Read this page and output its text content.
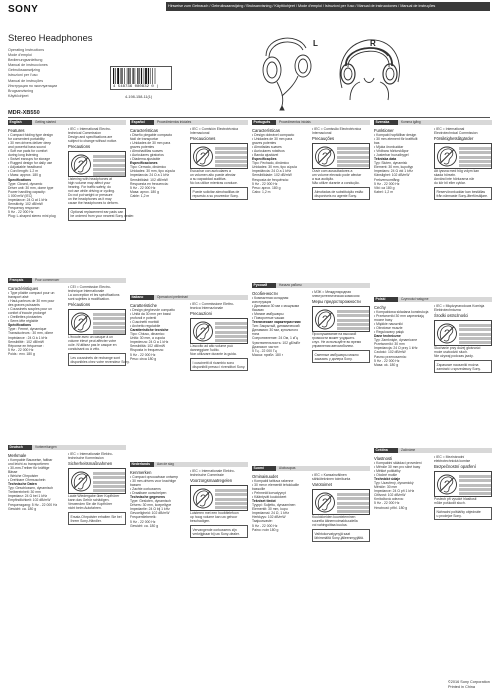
SONY	Hinweise zum Gebrauch / Gebruiksaanwijzing / Bruksanvisning / Käyttöohjeet / Mode d'emploi / Istruzioni per l'uso / Manual de instrucciones / Manual de instruções
Stereo Headphones
Operating Instructions
Mode d'emploi
Bedienungsanleitung
Manual de instrucciones
Gebruiksaanwijzing
Istruzioni per l'uso
Manual de instruções
Инструкция по эксплуатации
Brugsanvisning
Käyttöohjeet
4 548736 080832 0 |
4-198-158-11(1)
MDR-XB550
L	R
English	Getting started
Features
• Compact folding type design
for convenient portability
• 30 mm drivers deliver deep
and powerful bass sound
• Soft ear pads for comfort
during long listening
• Swivel earcups for storage
• Rugged design for daily use
• Adjustable headband
• Cord length: 1.2 m
• Mass: approx. 180 g
Specifications
Type: Closed, dynamic
Driver unit: 30 mm, dome type
Power handling capacity:
1 000 mW (IEC)
Impedance: 24 Ω at 1 kHz
Sensitivity: 102 dB/mW
Frequency response:
5 Hz - 22 000 Hz
Plug: L-shaped stereo mini plug
• IEC = International Electro-
technical Commission
Design and specifications are
subject to change without notice.
Precautions
Listening with headphones at
high volume may affect your
hearing. For traffic safety, do
not use while driving or cycling.
Do not put weight or pressure
on the headphones as it may
cause the headphones to deform.
Optional replacement ear pads can
be ordered from your nearest Sony dealer.
Français	Pour commencer
Caractéristiques
• Type pliable compact pour un
transport aisé
• Haut-parleurs de 30 mm pour
des graves puissants
• Coussinets souples pour un
confort d'écoute prolongé
• Oreillettes pivotantes
• Serre-tête réglable
Spécifications
Type : Fermé, dynamique
Transducteurs : 30 mm, dôme
Impédance : 24 Ω à 1 kHz
Sensibilité : 102 dB/mW
Réponse en fréquence :
5 Hz - 22 000 Hz
Poids : env. 180 g
• CEI = Commission Electro-
technique Internationale
La conception et les spécifications
sont sujettes à modification.
Précautions
L'écoute avec un casque à un
volume élevé peut affecter votre
ouïe. N'utilisez pas le casque en
conduisant ou à vélo.
Les coussinets de rechange sont
disponibles chez votre revendeur Sony.
Deutsch	Vorbereitungen
Merkmale
• Kompakte Bauweise, faltbar
und leicht zu transportieren
• 30-mm-Treiber für kräftige
Bässe
• Weiche Ohrpolster
• Drehbare Ohrmuscheln
Technische Daten
Typ: Geschlossen, dynamisch
Treibereinheit: 30 mm
Impedanz: 24 Ω bei 1 kHz
Empfindlichkeit: 102 dB/mW
Frequenzgang: 5 Hz - 22 000 Hz
Gewicht: ca. 180 g
• IEC = Internationale Elektro-
technische Kommission
Sicherheitsmaßnahmen
Laute Wiedergabe über Kopfhörer
kann das Gehör schädigen.
Verwenden Sie die Kopfhörer
nicht beim Autofahren.
Ersatz-Ohrpolster erhalten Sie bei
Ihrem Sony-Händler.
Español	Procedimientos iniciales
Características
• Diseño plegable compacto
fácil de transportar
• Unidades de 30 mm para
graves potentes
• Almohadillas suaves
• Auriculares giratorios
• Diadema ajustable
Especificaciones
Tipo: Cerrado, dinámico
Unidades: 30 mm, tipo cúpula
Impedancia: 24 Ω a 1 kHz
Sensibilidad: 102 dB/mW
Respuesta en frecuencia:
5 Hz - 22 000 Hz
Masa: aprox. 180 g
Cable: 1,2 m
• IEC = Comisión Electrotécnica
Internacional
Precauciones
Escuchar con auriculares a
un volumen alto puede afectar
a su capacidad auditiva.
No los utilice mientras conduce.
Puede solicitar almohadillas de
repuesto a su proveedor Sony.
Italiano	Operazioni preliminari
Caratteristiche
• Design pieghevole compatto
• Unità da 30 mm per bassi
profondi e potenti
• Cuscinetti morbidi
• Archetto regolabile
Caratteristiche tecniche
Tipo: Chiuso, dinamico
Unità: 30 mm, a cupola
Impedenza: 24 Ω a 1 kHz
Sensibilità: 102 dB/mW
Risposta in frequenza:
5 Hz - 22 000 Hz
Peso: circa 180 g
• IEC = Commissione Elettro-
tecnica Internazionale
Precauzioni
L'ascolto ad alto volume può
danneggiare l'udito.
Non utilizzare durante la guida.
I cuscinetti di ricambio sono
disponibili presso i rivenditori Sony.
Nederlands	Aan de slag
Kenmerken
• Compact opvouwbaar ontwerp
• 30 mm-drivers voor krachtige
bassen
• Zachte oorkussens
• Draaibare oorschelpen
Technische gegevens
Type: Gesloten, dynamisch
Drivers: 30 mm, koepeltype
Impedantie: 24 Ω bij 1 kHz
Gevoeligheid: 102 dB/mW
Frequentiebereik:
5 Hz - 22 000 Hz
Gewicht: ca. 180 g
• IEC = Internationale Elektro-
technische Commissie
Voorzorgsmaatregelen
Luisteren met een hoofdtelefoon
op hoog volume kan uw gehoor
beschadigen.
Vervangende oorkussens zijn
verkrijgbaar bij uw Sony-dealer.
Português	Procedimentos iniciais
Características
• Design dobrável compacto
• Unidades de 30 mm para
graves potentes
• Almofadas suaves
• Auriculares rotativos
• Banda ajustável
Especificações
Tipo: Fechado, dinâmico
Unidades: 30 mm, tipo cúpula
Impedância: 24 Ω a 1 kHz
Sensibilidade: 102 dB/mW
Resposta de frequência:
5 Hz - 22 000 Hz
Peso: aprox. 180 g
Cabo: 1,2 m
• IEC = Comissão Electrotécnica
Internacional
Precauções
Ouvir com auscultadores a
um volume elevado pode afectar
a sua audição.
Não utilize durante a condução.
Almofadas de substituição estão
disponíveis no agente Sony.
Русский	Начало работы
Особенности
• Компактная складная
конструкция
• Динамики 30 мм с мощными
басами
• Мягкие амбушюры
• Поворотные чашки
Технические характеристики
Тип: Закрытый, динамический
Динамики: 30 мм, купольного
типа
Сопротивление: 24 Ом, 1 кГц
Чувствительность: 102 дБ/мВт
Диапазон частот:
5 Гц - 22 000 Гц
Масса: прибл. 180 г
• МЭК = Международная
электротехническая комиссия
Меры предосторожности
Прослушивание на высокой
громкости может ухудшить
слух. Не используйте во время
управления автомобилем.
Сменные амбушюры можно
заказать у дилера Sony.
Suomi	Aloitusopas
Ominaisuudet
• Kompakti taittuva rakenne
• 30 mm:n elementit tehokkaille
bassoille
• Pehmeät korvatyynyt
• Kääntyvät kuulokkeet
Tekniset tiedot
Tyyppi: Suljettu, dynaaminen
Elementit: 30 mm, kupu
Impedanssi: 24 Ω, 1 kHz
Herkkyys: 102 dB/mW
Taajuusvaste:
5 Hz - 22 000 Hz
Paino: noin 180 g
• IEC = Kansainvälinen
sähkötekninen toimikunta
Varotoimet
Kuulokkeiden kuunteleminen
suurella äänenvoimakkuudella
voi vahingoittaa kuuloa.
Vaihtokorvatyynyjä saat
lähimmältä Sony-jälleenmyyjältä.
Svenska	Komma igång
Funktioner
• Kompakt hopfällbar design
• 30 mm-element för kraftfullt
bas
• Mjuka öronkuddar
• Vridbara hörlurskåpor
• Justerbar huvudbygel
Tekniska data
Typ: Sluten, dynamisk
Element: 30 mm, kupoltyp
Impedans: 24 Ω vid 1 kHz
Känslighet: 102 dB/mW
Frekvensomfång:
5 Hz - 22 000 Hz
Vikt: ca 180 g
Kabel: 1,2 m
• IEC = International
Electrotechnical Commission
Försiktighetsåtgärder
Att lyssna med hög volym kan
skada hörseln.
Använd inte hörlurarna när
du kör bil eller cyklar.
Reservöronkuddar kan beställas
från närmaste Sony-återförsäljare.
Polski	Czynności wstępne
Cechy
• Kompaktowa składana konstrukcja
• Przetworniki 30 mm zapewniają
mocne basy
• Miękkie nauszniki
• Obrotowe muszle
• Regulowany pałąk
Dane techniczne
Typ: Zamknięte, dynamiczne
Przetworniki: 30 mm
Impedancja: 24 Ω przy 1 kHz
Czułość: 102 dB/mW
Pasmo przenoszenia:
5 Hz - 22 000 Hz
Masa: ok. 180 g
• IEC = Międzynarodowa Komisja
Elektrotechniczna
Środki ostrożności
Słuchanie przy dużej głośności
może uszkodzić słuch.
Nie używaj podczas jazdy.
Zapasowe nauszniki można
zamówić u sprzedawcy Sony.
Čeština	Začínáme
Vlastnosti
• Kompaktní skládací provedení
• Měniče 30 mm pro silné basy
• Měkké polštářky
• Otočné mušle
Technické údaje
Typ: Uzavřený, dynamický
Měniče: 30 mm
Impedance: 24 Ω při 1 kHz
Citlivost: 102 dB/mW
Kmitočtová odezva:
5 Hz - 22 000 Hz
Hmotnost: přibl. 180 g
• IEC = Mezinárodní
elektrotechnická komise
Bezpečnostní opatření
Poslech při vysoké hlasitosti
může poškodit sluch.
Náhradní polštářky objednáte
u prodejce Sony.
©2016 Sony Corporation
Printed in China
